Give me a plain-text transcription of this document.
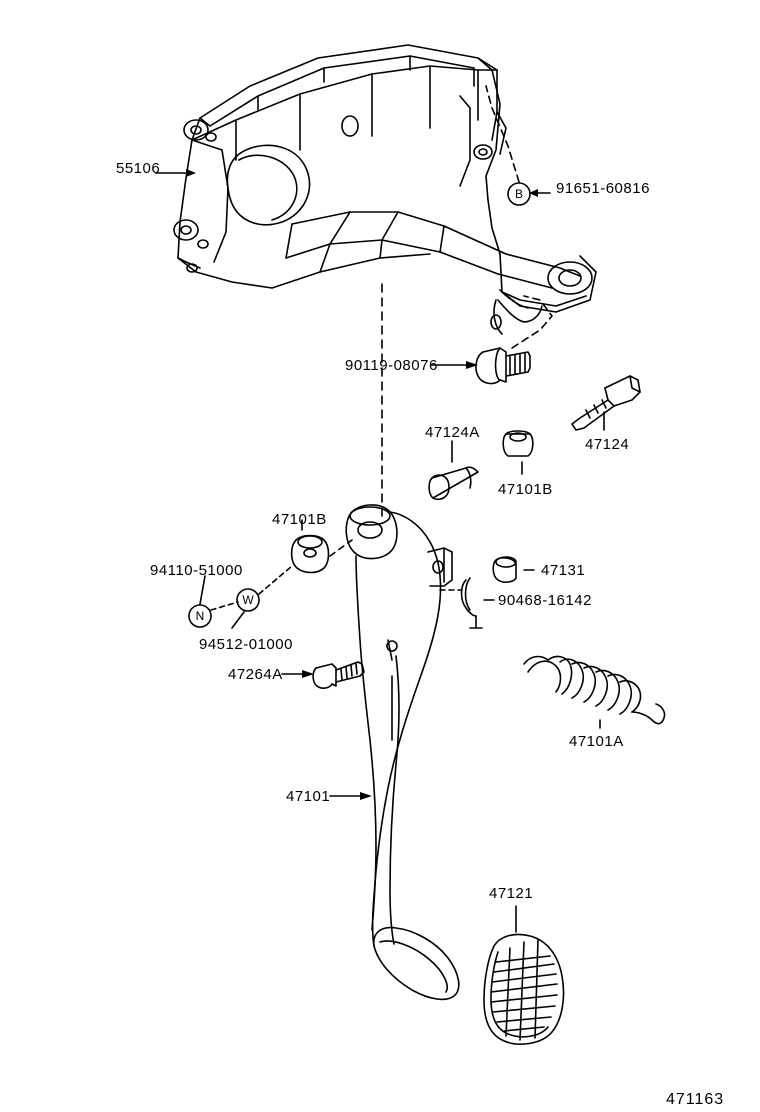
55106
91651-60816
90119-08076
47124
47124A
47101B
47101B
47131
94110-51000
90468-16142
94512-01000
47264A
47101A
47101
47121
B
N
W
471163
